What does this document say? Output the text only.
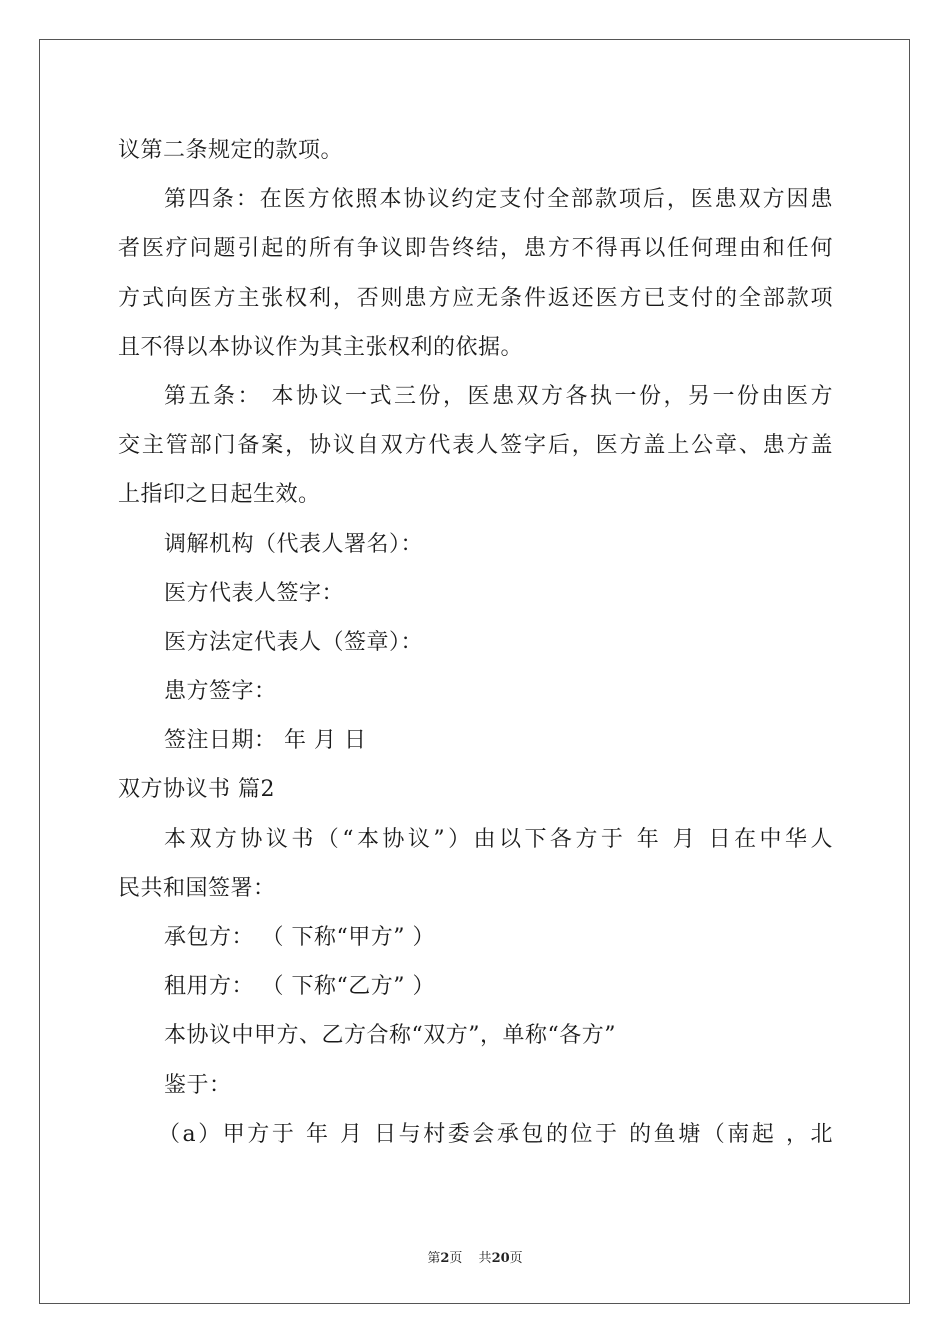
议第二条规定的款项。
第四条：在医方依照本协议约定支付全部款项后，医患双方因患
者医疗问题引起的所有争议即告终结，患方不得再以任何理由和任何
方式向医方主张权利，否则患方应无条件返还医方已支付的全部款项
且不得以本协议作为其主张权利的依据。
第五条： 本协议一式三份，医患双方各执一份，另一份由医方
交主管部门备案，协议自双方代表人签字后，医方盖上公章、患方盖
上指印之日起生效。
调解机构（代表人署名）：
医方代表人签字：
医方法定代表人（签章）：
患方签字：
签注日期： 年 月 日
双方协议书 篇2
本双方协议书（“本协议”）由以下各方于 年 月 日在中华人
民共和国签署：
承包方： （ 下称“甲方” ）
租用方： （ 下称“乙方” ）
本协议中甲方、乙方合称“双方”，单称“各方”
鉴于：
（a）甲方于 年 月 日与村委会承包的位于 的鱼塘（南起 ，北
第2页 共20页
